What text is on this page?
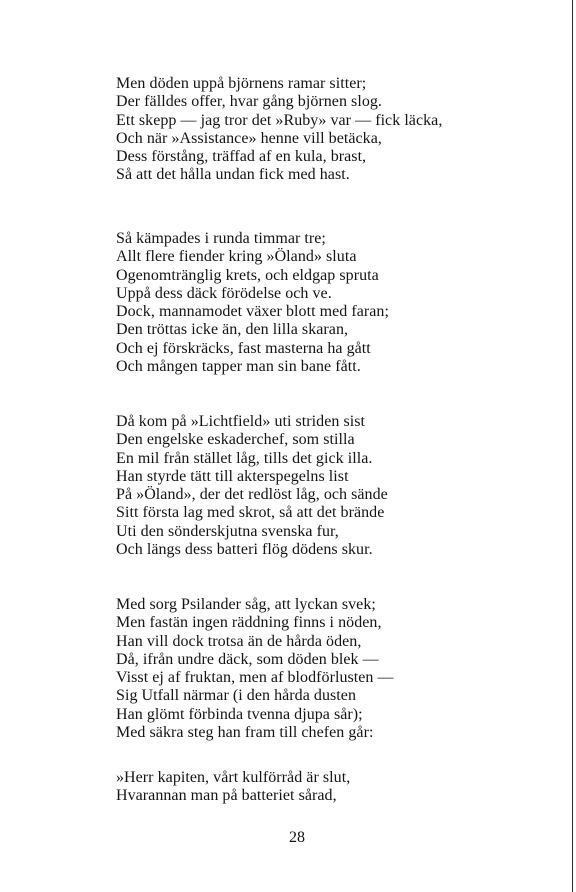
Men döden uppå björnens ramar sitter;
Der fälldes offer, hvar gång björnen slog.
Ett skepp — jag tror det »Ruby» var — fick läcka,
Och när »Assistance» henne vill betäcka,
Dess förstång, träffad af en kula, brast,
Så att det hålla undan fick med hast.
Så kämpades i runda timmar tre;
Allt flere fiender kring »Öland» sluta
Ogenomtränglig krets, och eldgap spruta
Uppå dess däck förödelse och ve.
Dock, mannamodet växer blott med faran;
Den tröttas icke än, den lilla skaran,
Och ej förskräcks, fast masterna ha gått
Och mången tapper man sin bane fått.
Då kom på »Lichtfield» uti striden sist
Den engelske eskaderchef, som stilla
En mil från stället låg, tills det gick illa.
Han styrde tätt till akterspegelns list
På »Öland», der det redlöst låg, och sände
Sitt första lag med skrot, så att det brände
Uti den sönderskjutna svenska fur,
Och längs dess batteri flög dödens skur.
Med sorg Psilander såg, att lyckan svek;
Men fastän ingen räddning finns i nöden,
Han vill dock trotsa än de hårda öden,
Då, ifrån undre däck, som döden blek —
Visst ej af fruktan, men af blodförlusten —
Sig Utfall närmar (i den hårda dusten
Han glömt förbinda tvenna djupa sår);
Med säkra steg han fram till chefen går:
»Herr kapiten, vårt kulförråd är slut,
Hvarannan man på batteriet sårad,
28
